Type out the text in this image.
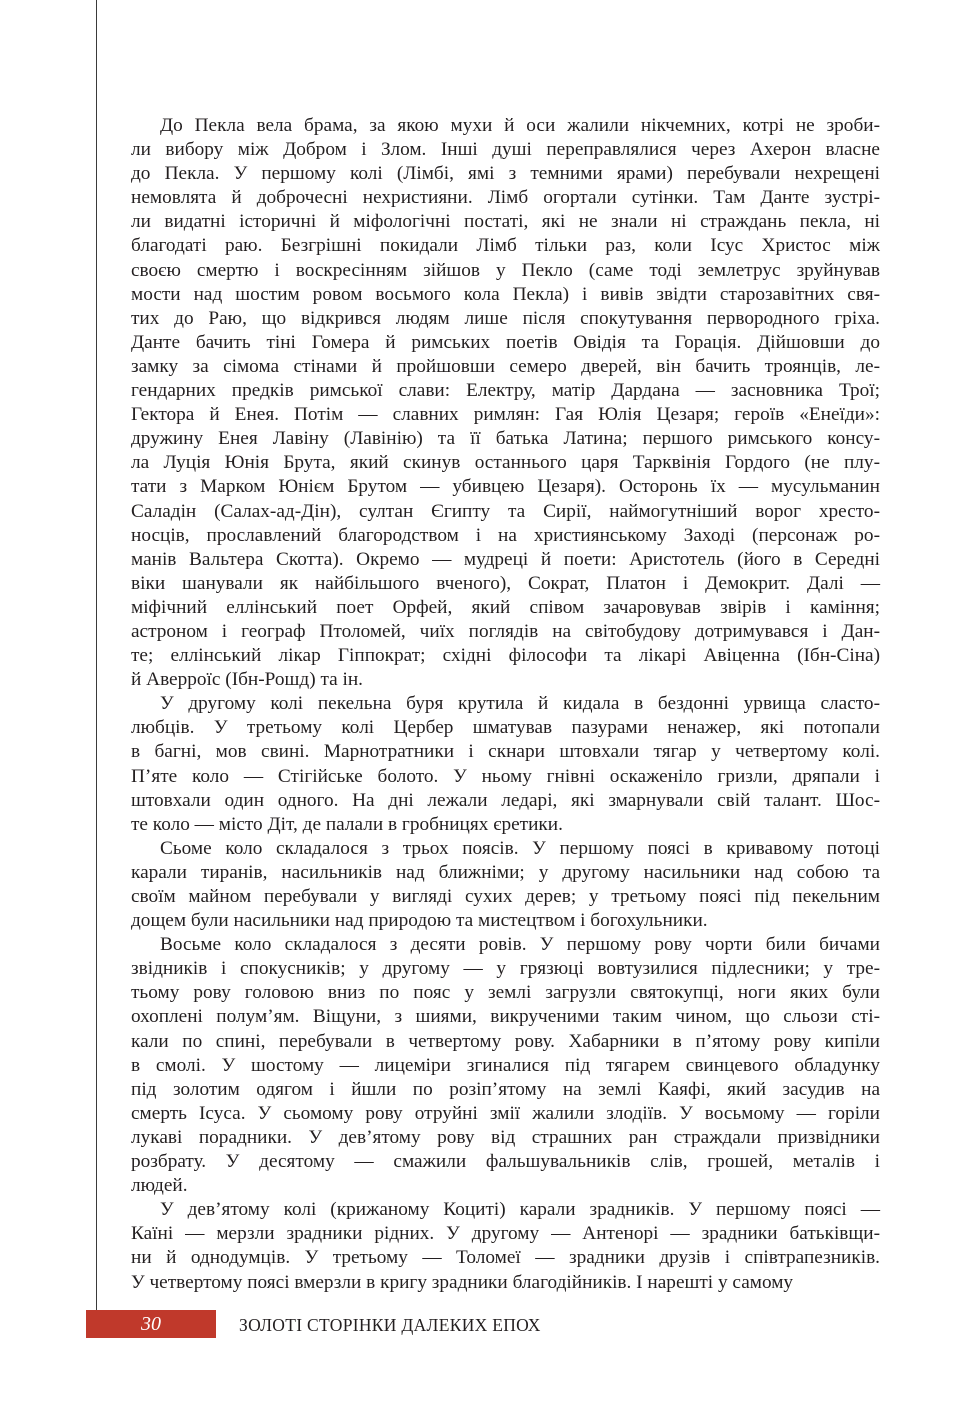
До Пекла вела брама, за якою мухи й оси жалили нікчемних, котрі не зроби-
ли вибору між Добром і Злом. Інші душі переправлялися через Ахерон власне
до Пекла. У першому колі (Лімбі, ямі з темними ярами) перебували нехрещені
немовлята й доброчесні нехристияни. Лімб огортали сутінки. Там Данте зустрі-
ли видатні історичні й міфологічні постаті, які не знали ні страждань пекла, ні
благодаті раю. Безгрішні покидали Лімб тільки раз, коли Ісус Христос між
своєю смертю і воскресінням зійшов у Пекло (саме тоді землетрус зруйнував
мости над шостим ровом восьмого кола Пекла) і вивів звідти старозавітних свя-
тих до Раю, що відкрився людям лише після спокутування первородного гріха.
Данте бачить тіні Гомера й римських поетів Овідія та Горація. Дійшовши до
замку за сімома стінами й пройшовши семеро дверей, він бачить троянців, ле-
гендарних предків римської слави: Електру, матір Дардана — засновника Трої;
Гектора й Енея. Потім — славних римлян: Гая Юлія Цезаря; героїв «Енеїди»:
дружину Енея Лавіну (Лавінію) та її батька Латина; першого римського консу-
ла Луція Юнія Брута, який скинув останнього царя Тарквінія Гордого (не плу-
тати з Марком Юнієм Брутом — убивцею Цезаря). Осторонь їх — мусульманин
Саладін (Салах-ад-Дін), султан Єгипту та Сирії, наймогутніший ворог хресто-
носців, прославлений благородством і на християнському Заході (персонаж ро-
манів Вальтера Скотта). Окремо — мудреці й поети: Аристотель (його в Середні
віки шанували як найбільшого вченого), Сократ, Платон і Демокрит. Далі —
міфічний еллінський поет Орфей, який співом зачаровував звірів і каміння;
астроном і географ Птоломей, чиїх поглядів на світобудову дотримувався і Дан-
те; еллінський лікар Гіппократ; східні філософи та лікарі Авіценна (Ібн-Сіна)
й Аверроїс (Ібн-Рошд) та ін.
У другому колі пекельна буря крутила й кидала в бездонні урвища сласто-
любців. У третьому колі Цербер шматував пазурами ненажер, які потопали
в багні, мов свині. Марнотратники і скнари штовхали тягар у четвертому колі.
П’яте коло — Стігійське болото. У ньому гнівні оскаженіло гризли, дряпали і
штовхали один одного. На дні лежали ледарі, які змарнували свій талант. Шос-
те коло — місто Діт, де палали в гробницях єретики.
Сьоме коло складалося з трьох поясів. У першому поясі в кривавому потоці
карали тиранів, насильників над ближніми; у другому насильники над собою та
своїм майном перебували у вигляді сухих дерев; у третьому поясі під пекельним
дощем були насильники над природою та мистецтвом і богохульники.
Восьме коло складалося з десяти ровів. У першому рову чорти били бичами
звідників і спокусників; у другому — у грязюці вовтузилися підлесники; у тре-
тьому рову головою вниз по пояс у землі загрузли святокупці, ноги яких були
охоплені полум’ям. Віщуни, з шиями, викрученими таким чином, що сльози сті-
кали по спині, перебували в четвертому рову. Хабарники в п’ятому рову кипіли
в смолі. У шостому — лицеміри згиналися під тягарем свинцевого обладунку
під золотим одягом і йшли по розіп’ятому на землі Каяфі, який засудив на
смерть Ісуса. У сьомому рову отруйні змії жалили злодіїв. У восьмому — горіли
лукаві порадники. У дев’ятому рову від страшних ран страждали призвідники
розбрату. У десятому — смажили фальшувальників слів, грошей, металів і
людей.
У дев’ятому колі (крижаному Коциті) карали зрадників. У першому поясі —
Каїні — мерзли зрадники рідних. У другому — Антенорі — зрадники батьківщи-
ни й однодумців. У третьому — Толомеї — зрадники друзів і співтрапезників.
У четвертому поясі вмерзли в кригу зрадники благодійників. І нарешті у самому
30	ЗОЛОТІ СТОРІНКИ ДАЛЕКИХ ЕПОХ
